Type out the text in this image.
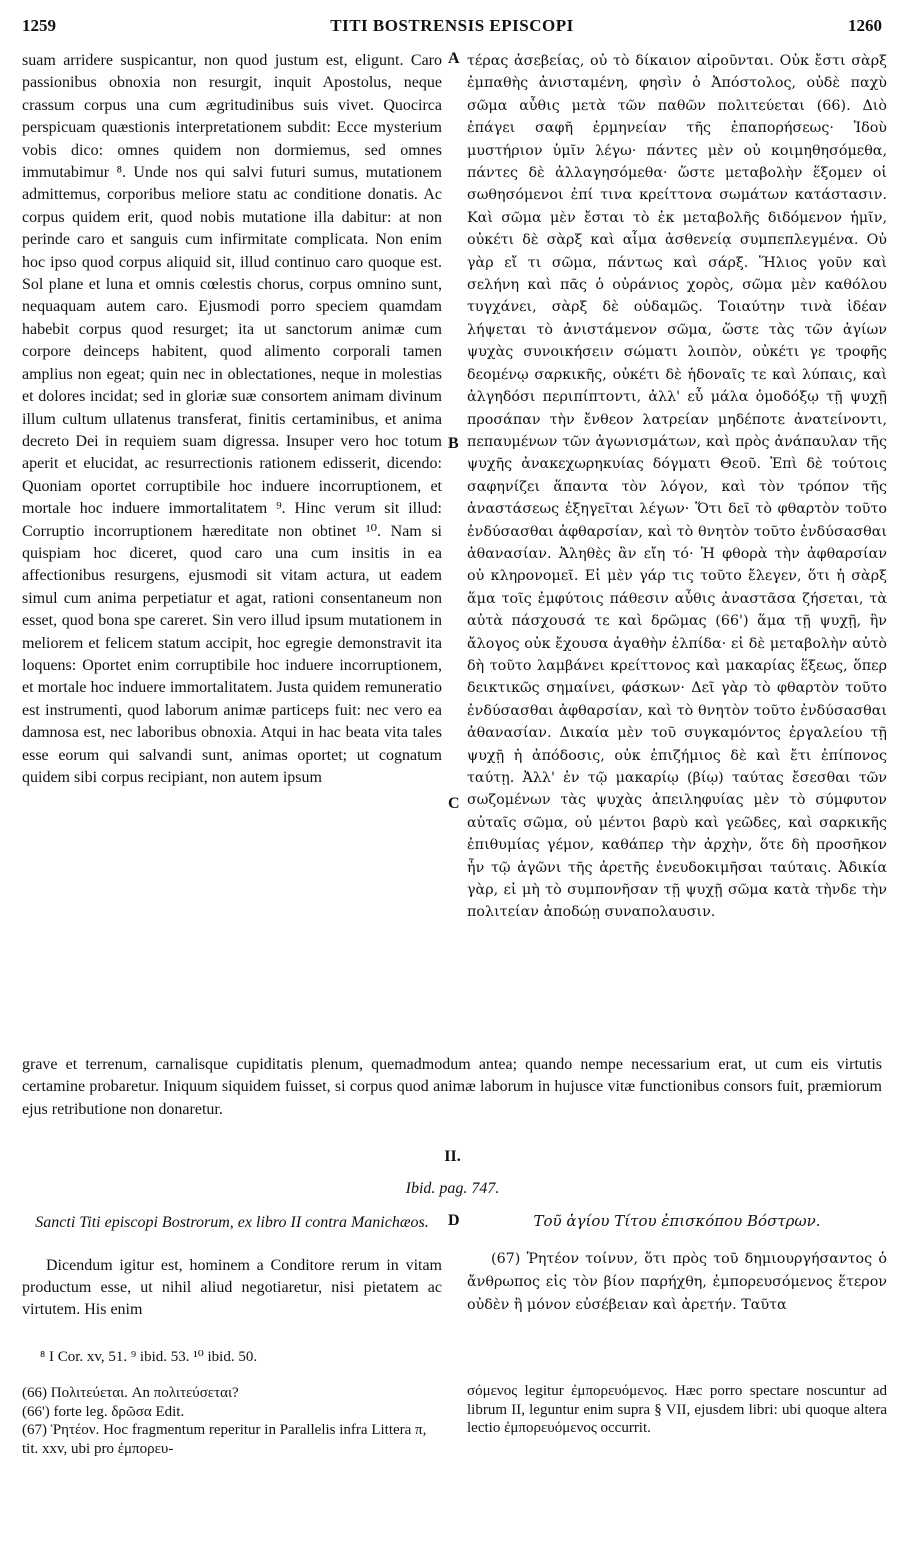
1259	TITI BOSTRENSIS EPISCOPI	1260

suam arridere suspicantur, non quod justum est, eligunt. Caro passionibus obnoxia non resurgit, inquit Apostolus, neque crassum corpus una cum ægritudinibus suis vivet. Quocirca perspicuam quæstionis interpretationem subdit: Ecce mysterium vobis dico: omnes quidem non dormiemus, sed omnes immutabimur ⁸. Unde nos qui salvi futuri sumus, mutationem admittemus, corporibus meliore statu ac conditione donatis. Ac corpus quidem erit, quod nobis mutatione illa dabitur: at non perinde caro et sanguis cum infirmitate complicata. Non enim hoc ipso quod corpus aliquid sit, illud continuo caro quoque est. Sol plane et luna et omnis cœlestis chorus, corpus omnino sunt, nequaquam autem caro. Ejusmodi porro speciem quamdam habebit corpus quod resurget; ita ut sanctorum animæ cum corpore deinceps habitent, quod alimento corporali tamen amplius non egeat; quin nec in oblectationes, neque in molestias et dolores incidat; sed in gloriæ suæ consortem animam divinum illum cultum ullatenus transferat, finitis certaminibus, et anima decreto Dei in requiem suam digressa. Insuper vero hoc totum aperit et elucidat, ac resurrectionis rationem edisserit, dicendo: Quoniam oportet corruptibile hoc induere incorruptionem, et mortale hoc induere immortalitatem ⁹. Hinc verum sit illud: Corruptio incorruptionem hæreditate non obtinet ¹⁰. Nam si quispiam hoc diceret, quod caro una cum insitis in ea affectionibus resurgens, ejusmodi sit vitam actura, ut eadem simul cum anima perpetiatur et agat, rationi consentaneum non esset, quod bona spe careret. Sin vero illud ipsum mutationem in meliorem et felicem statum accipit, hoc egregie demonstravit ita loquens: Oportet enim corruptibile hoc induere incorruptionem, et mortale hoc induere immortalitatem. Justa quidem remuneratio est instrumenti, quod laborum animæ particeps fuit: nec vero ea damnosa est, nec laboribus obnoxia. Atqui in hac beata vita tales esse eorum qui salvandi sunt, animas oportet; ut cognatum quidem sibi corpus recipiant, non autem ipsum

A
B
C
D

τέρας ἀσεβείας, οὐ τὸ δίκαιον αἱροῦνται. Οὐκ ἔστι σὰρξ ἐμπαθὴς ἀνισταμένη, φησὶν ὁ Ἀπόστολος, οὐδὲ παχὺ σῶμα αὖθις μετὰ τῶν παθῶν πολιτεύεται (66). Διὸ ἐπάγει σαφῆ ἑρμηνείαν τῆς ἐπαπορήσεως· Ἰδοὺ μυστήριον ὑμῖν λέγω· πάντες μὲν οὐ κοιμηθησόμεθα, πάντες δὲ ἀλλαγησόμεθα· ὥστε μεταβολὴν ἕξομεν οἱ σωθησόμενοι ἐπί τινα κρείττονα σωμάτων κατάστασιν. Καὶ σῶμα μὲν ἔσται τὸ ἐκ μεταβολῆς διδόμενον ἡμῖν, οὐκέτι δὲ σὰρξ καὶ αἷμα ἀσθενείᾳ συμπεπλεγμένα. Οὐ γὰρ εἴ τι σῶμα, πάντως καὶ σάρξ. Ἥλιος γοῦν καὶ σελήνη καὶ πᾶς ὁ οὐράνιος χορὸς, σῶμα μὲν καθόλου τυγχάνει, σὰρξ δὲ οὐδαμῶς. Τοιαύτην τινὰ ἰδέαν λήψεται τὸ ἀνιστάμενον σῶμα, ὥστε τὰς τῶν ἁγίων ψυχὰς συνοικήσειν σώματι λοιπὸν, οὐκέτι γε τροφῆς δεομένῳ σαρκικῆς, οὐκέτι δὲ ἡδοναῖς τε καὶ λύπαις, καὶ ἀλγηδόσι περιπίπτοντι, ἀλλ' εὖ μάλα ὁμοδόξῳ τῇ ψυχῇ προσάπαν τὴν ἔνθεον λατρείαν μηδέποτε ἀνατείνοντι, πεπαυμένων τῶν ἀγωνισμάτων, καὶ πρὸς ἀνάπαυλαν τῆς ψυχῆς ἀνακεχωρηκυίας δόγματι Θεοῦ. Ἐπὶ δὲ τούτοις σαφηνίζει ἅπαντα τὸν λόγον, καὶ τὸν τρόπον τῆς ἀναστάσεως ἐξηγεῖται λέγων· Ὅτι δεῖ τὸ φθαρτὸν τοῦτο ἐνδύσασθαι ἀφθαρσίαν, καὶ τὸ θνητὸν τοῦτο ἐνδύσασθαι ἀθανασίαν. Ἀληθὲς ἂν εἴη τό· Ἡ φθορὰ τὴν ἀφθαρσίαν οὐ κληρονομεῖ. Εἰ μὲν γάρ τις τοῦτο ἔλεγεν, ὅτι ἡ σὰρξ ἅμα τοῖς ἐμφύτοις πάθεσιν αὖθις ἀναστᾶσα ζήσεται, τὰ αὐτὰ πάσχουσά τε καὶ δρῶμας (66') ἅμα τῇ ψυχῇ, ἣν ἄλογος οὐκ ἔχουσα ἀγαθὴν ἐλπίδα· εἰ δὲ μεταβολὴν αὐτὸ δὴ τοῦτο λαμβάνει κρείττονος καὶ μακαρίας ἕξεως, ὅπερ δεικτικῶς σημαίνει, φάσκων· Δεῖ γὰρ τὸ φθαρτὸν τοῦτο ἐνδύσασθαι ἀφθαρσίαν, καὶ τὸ θνητὸν τοῦτο ἐνδύσασθαι ἀθανασίαν. Δικαία μὲν τοῦ συγκαμόντος ἐργαλείου τῇ ψυχῇ ἡ ἀπόδοσις, οὐκ ἐπιζήμιος δὲ καὶ ἔτι ἐπίπονος ταύτῃ. Ἀλλ' ἐν τῷ μακαρίῳ (βίῳ) ταύτας ἔσεσθαι τῶν σωζομένων τὰς ψυχὰς ἀπειληφυίας μὲν τὸ σύμφυτον αὐταῖς σῶμα, οὐ μέντοι βαρὺ καὶ γεῶδες, καὶ σαρκικῆς ἐπιθυμίας γέμον, καθάπερ τὴν ἀρχὴν, ὅτε δὴ προσῆκον ἦν τῷ ἀγῶνι τῆς ἀρετῆς ἐνευδοκιμῆσαι ταύταις. Ἀδικία γὰρ, εἰ μὴ τὸ συμπονῆσαν τῇ ψυχῇ σῶμα κατὰ τὴνδε τὴν πολιτείαν ἀποδώῃ συναπολαυσιν.

grave et terrenum, carnalisque cupiditatis plenum, quemadmodum antea; quando nempe necessarium erat, ut cum eis virtutis certamine probaretur. Iniquum siquidem fuisset, si corpus quod animæ laborum in hujusce vitæ functionibus consors fuit, præmiorum ejus retributione non donaretur.
II.
Ibid. pag. 747.
Sancti Titi episcopi Bostrorum, ex libro II contra Manichæos.	Τοῦ ἁγίου Τίτου ἐπισκόπου Βόστρων.
Dicendum igitur est, hominem a Conditore rerum in vitam productum esse, ut nihil aliud negotiaretur, nisi pietatem ac virtutem. His enim
(67) Ῥητέον τοίνυν, ὅτι πρὸς τοῦ δημιουργήσαντος ὁ ἄνθρωπος εἰς τὸν βίον παρήχθη, ἐμπορευσόμενος ἕτερον οὐδὲν ἢ μόνον εὐσέβειαν καὶ ἀρετήν. Ταῦτα
⁸ I Cor. xv, 51. ⁹ ibid. 53. ¹⁰ ibid. 50.

(66) Πολιτεύεται. An πολιτεύσεται?

(66') forte leg. δρῶσα Edit.

(67) Ῥητέον. Hoc fragmentum reperitur in Parallelis infra Littera π, tit. xxv, ubi pro ἐμπορευ-

σόμενος legitur ἐμπορευόμενος. Hæc porro spectare noscuntur ad librum II, leguntur enim supra § VII, ejusdem libri: ubi quoque altera lectio ἐμπορευόμενος occurrit.
